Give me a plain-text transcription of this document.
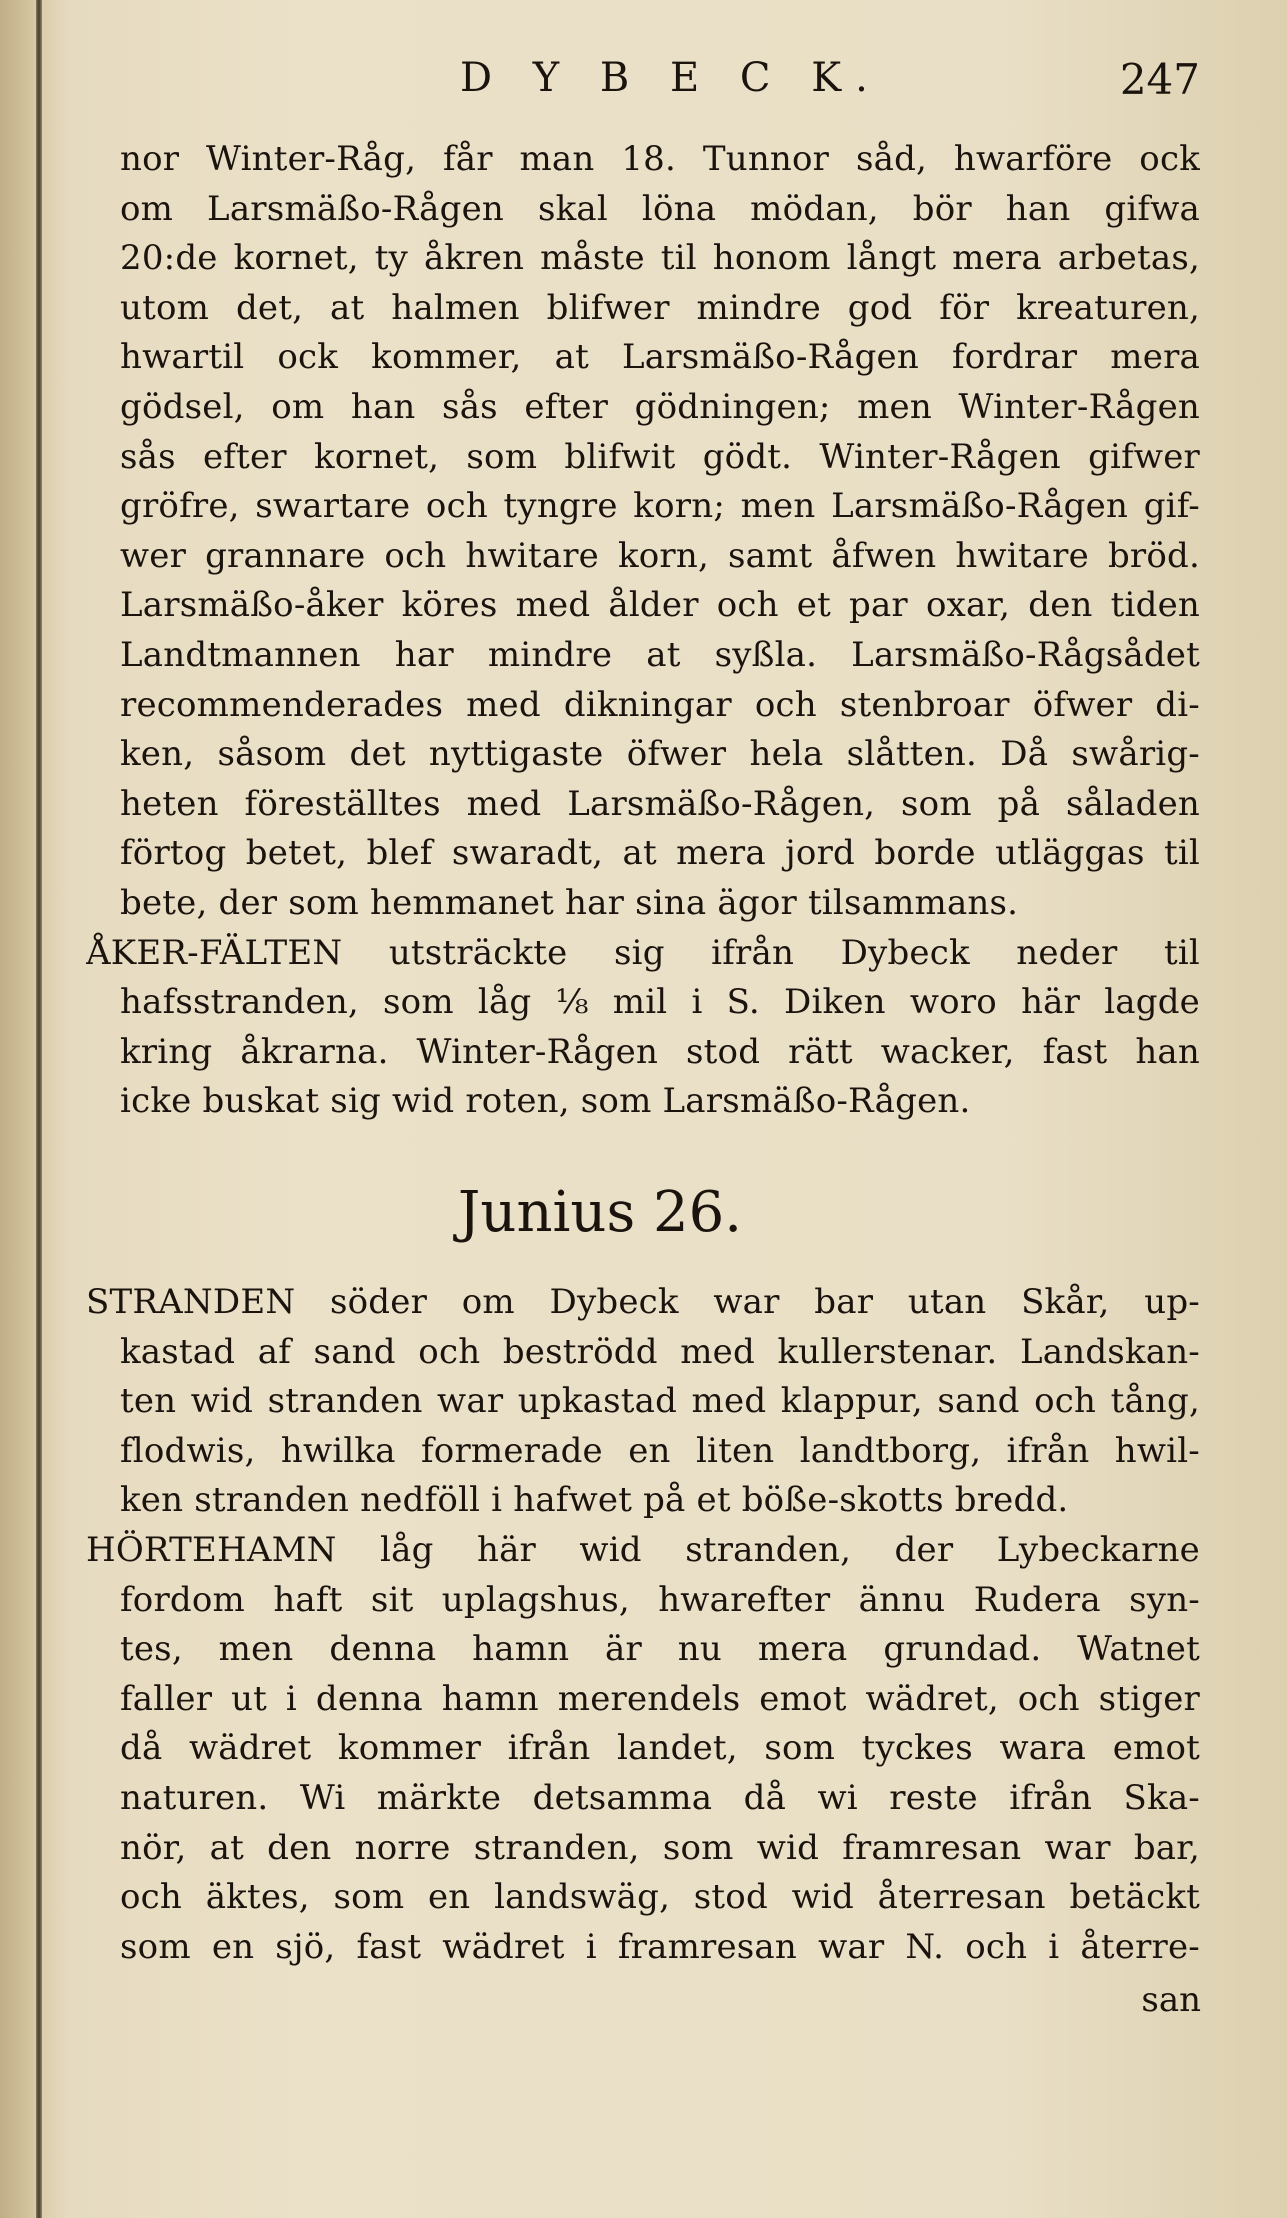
D Y B E C K.	247
nor Winter-Råg, får man 18. Tunnor såd, hwarföre ock
om Larsmäßo-Rågen skal löna mödan, bör han gifwa
20:de kornet, ty åkren måste til honom långt mera arbetas,
utom det, at halmen blifwer mindre god för kreaturen,
hwartil ock kommer, at Larsmäßo-Rågen fordrar mera
gödsel, om han sås efter gödningen; men Winter-Rågen
sås efter kornet, som blifwit gödt. Winter-Rågen gifwer
gröfre, swartare och tyngre korn; men Larsmäßo-Rågen gif-
wer grannare och hwitare korn, samt åfwen hwitare bröd.
Larsmäßo-åker köres med ålder och et par oxar, den tiden
Landtmannen har mindre at syßla. Larsmäßo-Rågsådet
recommenderades med dikningar och stenbroar öfwer di-
ken, såsom det nyttigaste öfwer hela slåtten. Då swårig-
heten föreställtes med Larsmäßo-Rågen, som på såladen
förtog betet, blef swaradt, at mera jord borde utläggas til
bete, der som hemmanet har sina ägor tilsammans.
ÅKER-FÄLTEN utsträckte sig ifrån Dybeck neder til
hafsstranden, som låg ⅛ mil i S. Diken woro här lagde
kring åkrarna. Winter-Rågen stod rätt wacker, fast han
icke buskat sig wid roten, som Larsmäßo-Rågen.
Junius 26.
STRANDEN söder om Dybeck war bar utan Skår, up-
kastad af sand och beströdd med kullerstenar. Landskan-
ten wid stranden war upkastad med klappur, sand och tång,
flodwis, hwilka formerade en liten landtborg, ifrån hwil-
ken stranden nedföll i hafwet på et böße-skotts bredd.
HÖRTEHAMN låg här wid stranden, der Lybeckarne
fordom haft sit uplagshus, hwarefter ännu Rudera syn-
tes, men denna hamn är nu mera grundad. Watnet
faller ut i denna hamn merendels emot wädret, och stiger
då wädret kommer ifrån landet, som tyckes wara emot
naturen. Wi märkte detsamma då wi reste ifrån Ska-
nör, at den norre stranden, som wid framresan war bar,
och äktes, som en landswäg, stod wid återresan betäckt
som en sjö, fast wädret i framresan war N. och i återre-
san
